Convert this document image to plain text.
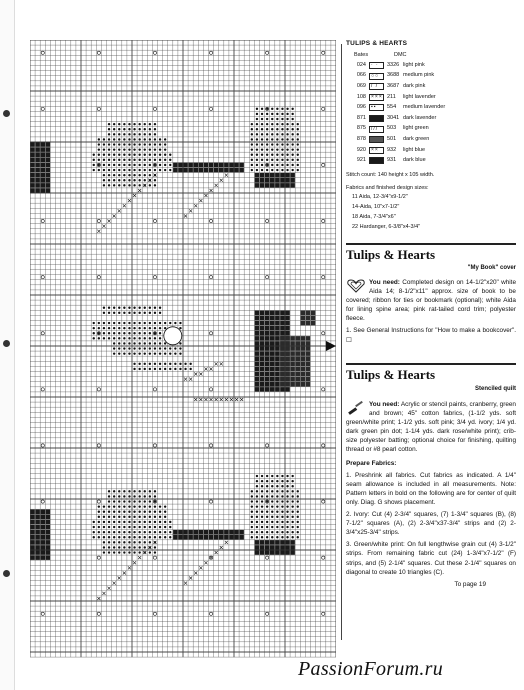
TULIPS & HEARTS
Bates	DMC
024	· · 3326 light pink
066	○○ 3688 medium pink
069	/ / 3687 dark pink
108	××× 211	light lavender
096	▪▪ 554	medium lavender
871	3041 dark lavender
875	/// 503	light green
878	501	dark green
920	×× 932	light blue
921	931	dark blue
Stitch count: 140 height x 105 width.
Fabrics and finished design sizes:
11 Aida, 12-3/4"x9-1/2"
14-Aida, 10"x7-1/2"
18 Aida, 7-3/4"x6"
22 Hardanger, 6-3/8"x4-3/4"
Tulips & Hearts
"My Book" cover

You need: Completed design on 14-1/2"x20" white Aida 14; 8-1/2"x11" approx. size of book to be covered; ribbon for ties or bookmark (optional); white Aida for lining spine area; pink rat-tailed cord trim; polyester fleece.

1. See General Instructions for "How to make a bookcover". ☐

Tulips & Hearts
Stenciled quilt

You need: Acrylic or stencil paints, cranberry, green and brown; 45" cotton fabrics, (1-1/2 yds. soft green/white print; 1-1/2 yds. soft pink; 3/4 yd. ivory; 1/4 yd. dark green pin dot; 1-1/4 yds. dark rose/white print); crib-size polyester batting; optional choice for finishing, quilting thread or #8 pearl cotton.

Prepare Fabrics:

1. Preshrink all fabrics. Cut fabrics as indicated. A 1/4" seam allowance is included in all measurements. Note: Pattern letters in bold on the following are for center of quilt only. Diag. G shows placement.

2. Ivory: Cut (4) 2-3/4" squares, (7) 1-3/4" squares (B), (8) 7-1/2" squares (A), (2) 2-3/4"x37-3/4" strips and (2) 2-3/4"x25-3/4" strips.

3. Green/white print: On full lengthwise grain cut (4) 3-1/2" strips. From remaining fabric cut (24) 1-3/4"x7-1/2" (F) strips, and (5) 2-1/4" squares. Cut these 2-1/4" squares on diagonal to create 10 triangles (C).

To page 19
PassionForum.ru
